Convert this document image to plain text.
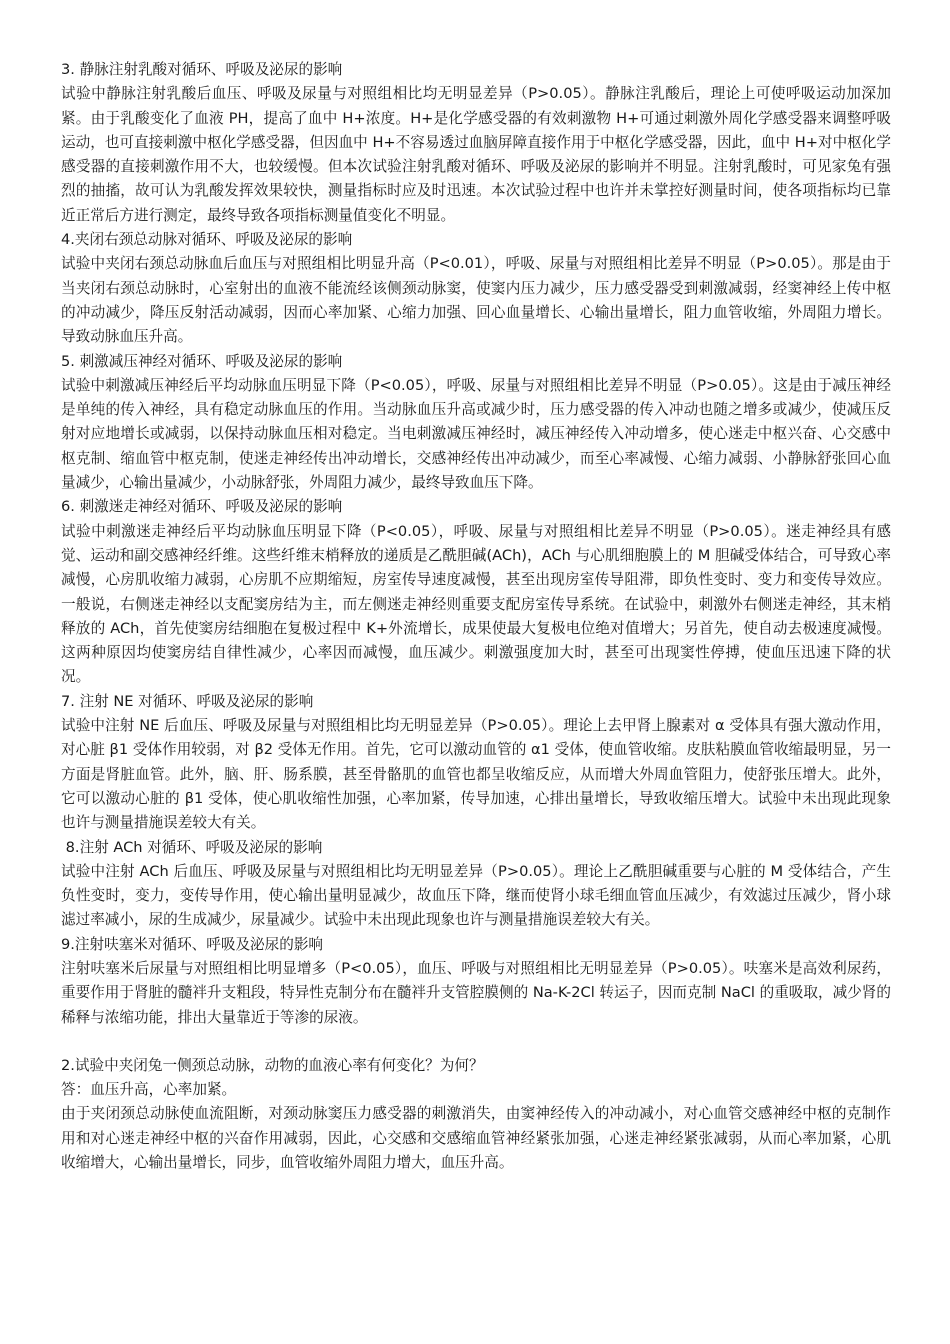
3. 静脉注射乳酸对循环、呼吸及泌尿的影响

试验中静脉注射乳酸后血压、呼吸及尿量与对照组相比均无明显差异（P>0.05）。静脉注乳酸后，理论上可使呼吸运动加深加紧。由于乳酸变化了血液 PH，提高了血中 H+浓度。H+是化学感受器的有效刺激物 H+可通过刺激外周化学感受器来调整呼吸运动，也可直接刺激中枢化学感受器，但因血中 H+不容易透过血脑屏障直接作用于中枢化学感受器，因此，血中 H+对中枢化学感受器的直接刺激作用不大，也较缓慢。但本次试验注射乳酸对循环、呼吸及泌尿的影响并不明显。注射乳酸时，可见家兔有强烈的抽搐，故可认为乳酸发挥效果较快，测量指标时应及时迅速。本次试验过程中也许并未掌控好测量时间，使各项指标均已靠近正常后方进行测定，最终导致各项指标测量值变化不明显。

4.夹闭右颈总动脉对循环、呼吸及泌尿的影响

试验中夹闭右颈总动脉血后血压与对照组相比明显升高（P<0.01），呼吸、尿量与对照组相比差异不明显（P>0.05）。那是由于当夹闭右颈总动脉时，心室射出的血液不能流经该侧颈动脉窦，使窦内压力减少，压力感受器受到刺激减弱，经窦神经上传中枢的冲动减少，降压反射活动减弱，因而心率加紧、心缩力加强、回心血量增长、心输出量增长，阻力血管收缩，外周阻力增长。导致动脉血压升高。

5. 刺激减压神经对循环、呼吸及泌尿的影响

试验中刺激减压神经后平均动脉血压明显下降（P<0.05），呼吸、尿量与对照组相比差异不明显（P>0.05）。这是由于减压神经是单纯的传入神经，具有稳定动脉血压的作用。当动脉血压升高或减少时，压力感受器的传入冲动也随之增多或减少，使减压反射对应地增长或减弱，以保持动脉血压相对稳定。当电刺激减压神经时，减压神经传入冲动增多，使心迷走中枢兴奋、心交感中枢克制、缩血管中枢克制，使迷走神经传出冲动增长，交感神经传出冲动减少，而至心率减慢、心缩力减弱、小静脉舒张回心血量减少，心输出量减少，小动脉舒张，外周阻力减少，最终导致血压下降。

6. 刺激迷走神经对循环、呼吸及泌尿的影响

试验中刺激迷走神经后平均动脉血压明显下降（P<0.05），呼吸、尿量与对照组相比差异不明显（P>0.05）。迷走神经具有感觉、运动和副交感神经纤维。这些纤维末梢释放的递质是乙酰胆碱(ACh)，ACh 与心肌细胞膜上的 M 胆碱受体结合，可导致心率减慢，心房肌收缩力减弱，心房肌不应期缩短，房室传导速度减慢，甚至出现房室传导阻滞，即负性变时、变力和变传导效应。一般说，右侧迷走神经以支配窦房结为主，而左侧迷走神经则重要支配房室传导系统。在试验中，刺激外右侧迷走神经，其末梢释放的 ACh，首先使窦房结细胞在复极过程中 K+外流增长，成果使最大复极电位绝对值增大；另首先，使自动去极速度减慢。这两种原因均使窦房结自律性减少，心率因而减慢，血压减少。刺激强度加大时，甚至可出现窦性停搏，使血压迅速下降的状况。

7. 注射 NE 对循环、呼吸及泌尿的影响

试验中注射 NE 后血压、呼吸及尿量与对照组相比均无明显差异（P>0.05）。理论上去甲肾上腺素对 α 受体具有强大激动作用，对心脏 β1 受体作用较弱，对 β2 受体无作用。首先，它可以激动血管的 α1 受体，使血管收缩。皮肤粘膜血管收缩最明显，另一方面是肾脏血管。此外，脑、肝、肠系膜，甚至骨骼肌的血管也都呈收缩反应，从而增大外周血管阻力，使舒张压增大。此外，它可以激动心脏的 β1 受体，使心肌收缩性加强，心率加紧，传导加速，心排出量增长，导致收缩压增大。试验中未出现此现象也许与测量措施误差较大有关。

8.注射 ACh 对循环、呼吸及泌尿的影响

试验中注射 ACh 后血压、呼吸及尿量与对照组相比均无明显差异（P>0.05）。理论上乙酰胆碱重要与心脏的 M 受体结合，产生负性变时，变力，变传导作用，使心输出量明显减少，故血压下降，继而使肾小球毛细血管血压减少，有效滤过压减少，肾小球滤过率减小，尿的生成减少，尿量减少。试验中未出现此现象也许与测量措施误差较大有关。

9.注射呋塞米对循环、呼吸及泌尿的影响

注射呋塞米后尿量与对照组相比明显增多（P<0.05），血压、呼吸与对照组相比无明显差异（P>0.05）。呋塞米是高效利尿药，重要作用于肾脏的髓袢升支粗段，特异性克制分布在髓袢升支管腔膜侧的 Na-K-2Cl 转运子，因而克制 NaCl 的重吸取，减少肾的稀释与浓缩功能，排出大量靠近于等渗的尿液。

2.试验中夹闭兔一侧颈总动脉，动物的血液心率有何变化？为何？

答：血压升高，心率加紧。

由于夹闭颈总动脉使血流阻断，对颈动脉窦压力感受器的刺激消失，由窦神经传入的冲动减小，对心血管交感神经中枢的克制作用和对心迷走神经中枢的兴奋作用减弱，因此，心交感和交感缩血管神经紧张加强，心迷走神经紧张减弱，从而心率加紧，心肌收缩增大，心输出量增长，同步，血管收缩外周阻力增大，血压升高。
